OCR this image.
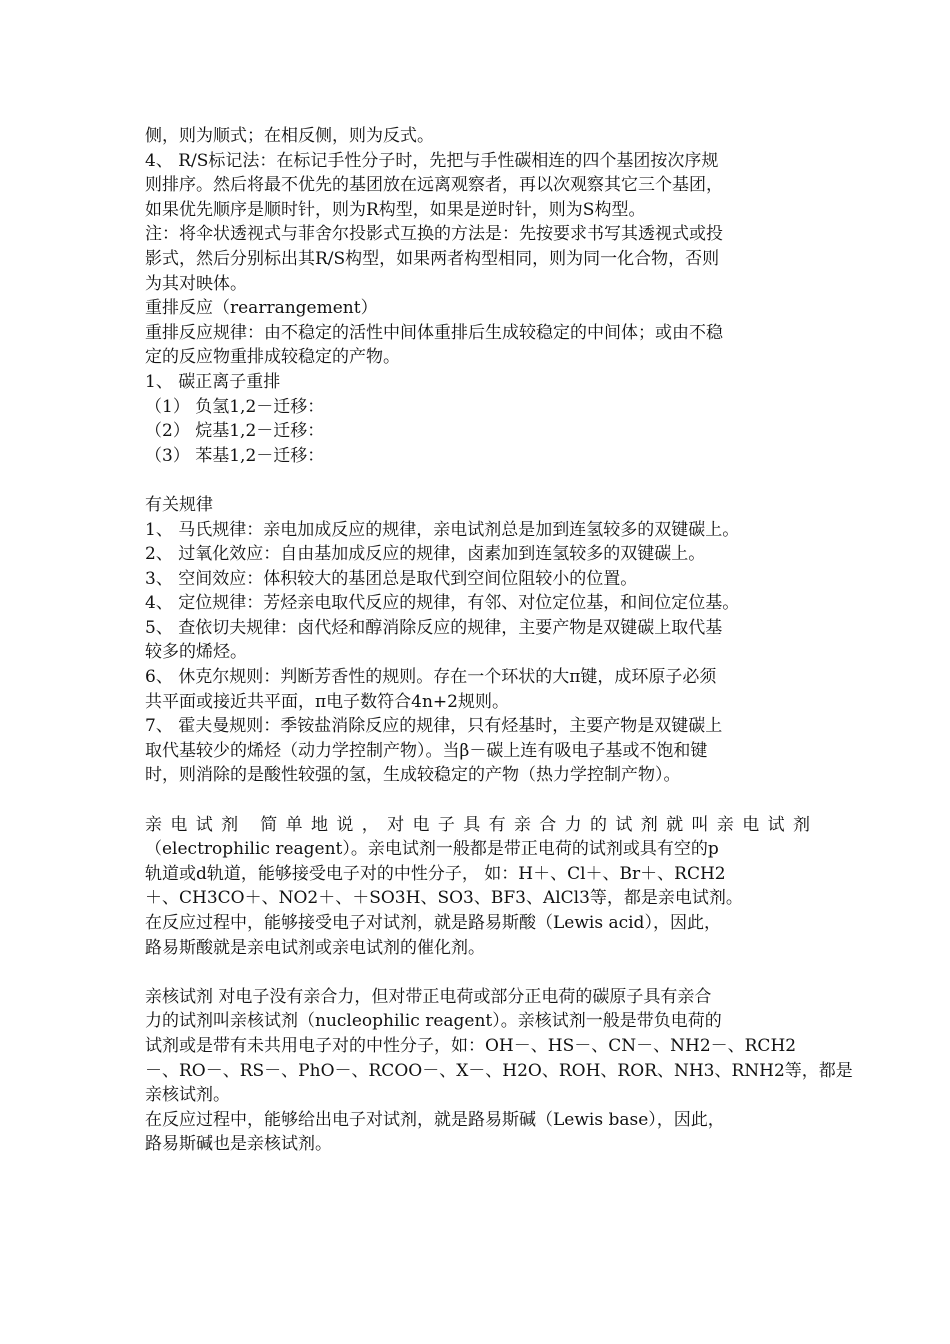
侧，则为顺式；在相反侧，则为反式。
4、 R/S标记法：在标记手性分子时，先把与手性碳相连的四个基团按次序规
则排序。然后将最不优先的基团放在远离观察者，再以次观察其它三个基团，
如果优先顺序是顺时针，则为R构型，如果是逆时针，则为S构型。
注：将伞状透视式与菲舍尔投影式互换的方法是：先按要求书写其透视式或投
影式，然后分别标出其R/S构型，如果两者构型相同，则为同一化合物，否则
为其对映体。
重排反应（rearrangement）
重排反应规律：由不稳定的活性中间体重排后生成较稳定的中间体；或由不稳
定的反应物重排成较稳定的产物。
1、 碳正离子重排
（1） 负氢1,2－迁移：
（2） 烷基1,2－迁移：
（3） 苯基1,2－迁移：
有关规律
1、 马氏规律：亲电加成反应的规律，亲电试剂总是加到连氢较多的双键碳上。
2、 过氧化效应：自由基加成反应的规律，卤素加到连氢较多的双键碳上。
3、 空间效应：体积较大的基团总是取代到空间位阻较小的位置。
4、 定位规律：芳烃亲电取代反应的规律，有邻、对位定位基，和间位定位基。
5、 查依切夫规律：卤代烃和醇消除反应的规律，主要产物是双键碳上取代基
较多的烯烃。
6、 休克尔规则：判断芳香性的规则。存在一个环状的大π键，成环原子必须
共平面或接近共平面，π电子数符合4n+2规则。
7、 霍夫曼规则：季铵盐消除反应的规律，只有烃基时，主要产物是双键碳上
取代基较少的烯烃（动力学控制产物）。当β－碳上连有吸电子基或不饱和键
时，则消除的是酸性较强的氢，生成较稳定的产物（热力学控制产物）。
亲电试剂 简单地说，对电子具有亲合力的试剂就叫亲电试剂
（electrophilic reagent）。亲电试剂一般都是带正电荷的试剂或具有空的p
轨道或d轨道，能够接受电子对的中性分子， 如：H＋、Cl＋、Br＋、RCH2
＋、CH3CO＋、NO2＋、＋SO3H、SO3、BF3、AlCl3等，都是亲电试剂。
在反应过程中，能够接受电子对试剂，就是路易斯酸（Lewis acid），因此，
路易斯酸就是亲电试剂或亲电试剂的催化剂。
亲核试剂 对电子没有亲合力，但对带正电荷或部分正电荷的碳原子具有亲合
力的试剂叫亲核试剂（nucleophilic reagent）。亲核试剂一般是带负电荷的
试剂或是带有未共用电子对的中性分子，如：OH－、HS－、CN－、NH2－、RCH2
－、RO－、RS－、PhO－、RCOO－、X－、H2O、ROH、ROR、NH3、RNH2等，都是
亲核试剂。
在反应过程中，能够给出电子对试剂，就是路易斯碱（Lewis base），因此，
路易斯碱也是亲核试剂。
